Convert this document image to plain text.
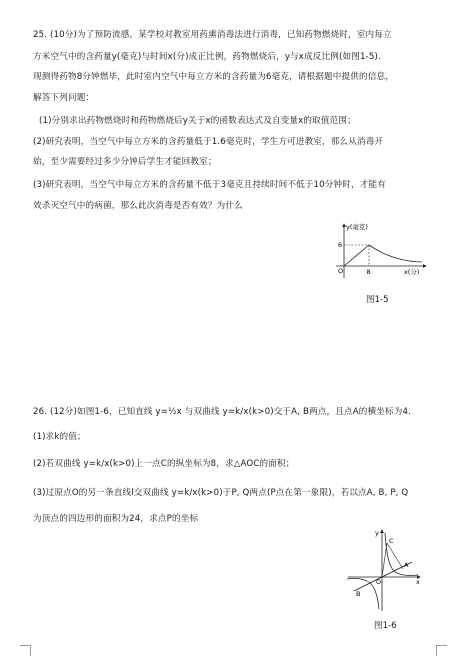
25. (10分)为了预防流感，某学校对教室用药熏消毒法进行消毒，已知药物燃烧时，室内每立
方米空气中的含药量y(毫克)与时间x(分)成正比例，药物燃烧后，y与x成反比例(如图1-5).
现测得药物8分钟燃毕，此时室内空气中每立方米的含药量为6毫克，请根据题中提供的信息，
解答下列问题：
(1)分别求出药物燃烧时和药物燃烧后y关于x的函数表达式及自变量x的取值范围；
(2)研究表明，当空气中每立方米的含药量低于1.6毫克时，学生方可进教室，那么从消毒开
始，至少需要经过多少分钟后学生才能回教室；
(3)研究表明，当空气中每立方米的含药量不低于3毫克且持续时间不低于10分钟时，才能有
效杀灭空气中的病菌，那么此次消毒是否有效？为什么
y(毫克)
6
O	8	x(分)
图1-5
26. (12分)如图1-6，已知直线 y=½x 与双曲线 y=k/x(k>0)交于A, B两点，且点A的横坐标为4.
(1)求k的值；
(2)若双曲线 y=k/x(k>0)上一点C的纵坐标为8，求△AOC的面积；
(3)过原点O的另一条直线l交双曲线 y=k/x(k>0)于P, Q两点(P点在第一象限)，若以点A, B, P, Q
为顶点的四边形的面积为24，求点P的坐标
y
C
A
O	x
B
图1-6
